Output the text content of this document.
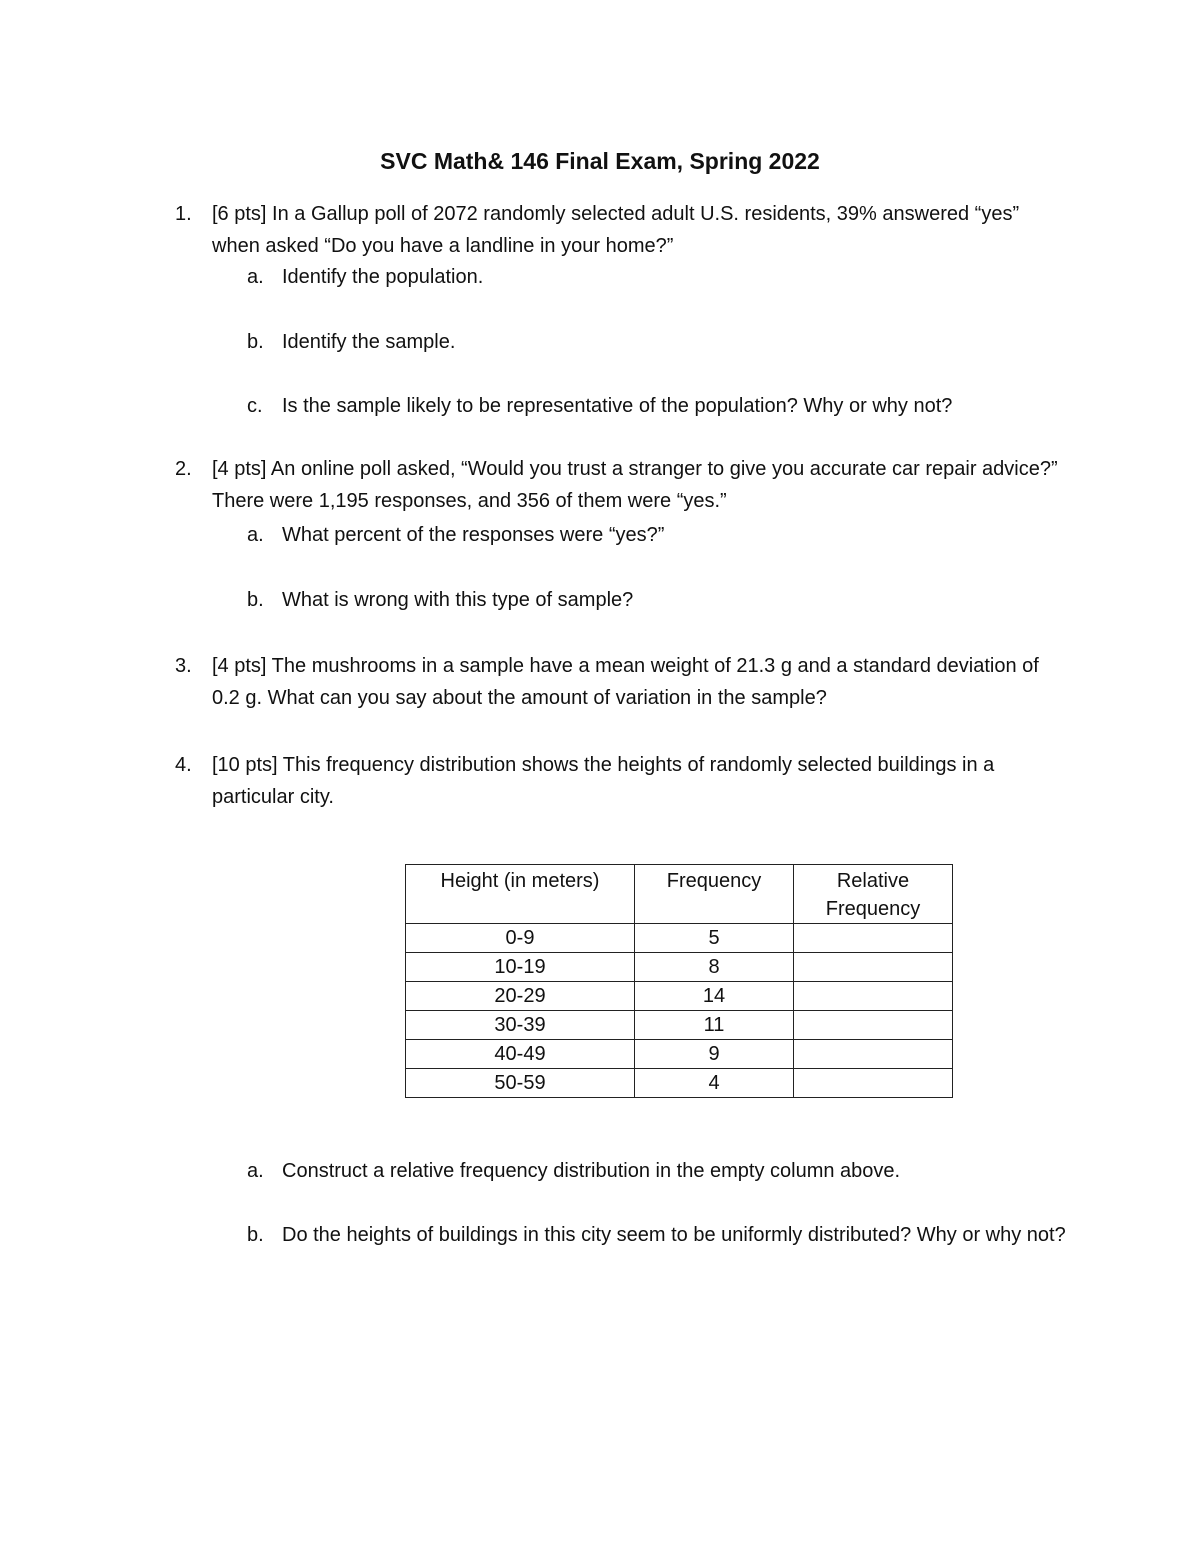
SVC Math& 146 Final Exam, Spring 2022
1. [6 pts] In a Gallup poll of 2072 randomly selected adult U.S. residents, 39% answered “yes” when asked “Do you have a landline in your home?”
a. Identify the population.
b. Identify the sample.
c. Is the sample likely to be representative of the population? Why or why not?
2. [4 pts] An online poll asked, “Would you trust a stranger to give you accurate car repair advice?” There were 1,195 responses, and 356 of them were “yes.”
a. What percent of the responses were “yes?”
b. What is wrong with this type of sample?
3. [4 pts] The mushrooms in a sample have a mean weight of 21.3 g and a standard deviation of 0.2 g. What can you say about the amount of variation in the sample?
4. [10 pts] This frequency distribution shows the heights of randomly selected buildings in a particular city.
Height (in meters)	Frequency	Relative Frequency
0-9	5	
10-19	8	
20-29	14	
30-39	11	
40-49	9	
50-59	4	
a. Construct a relative frequency distribution in the empty column above.
b. Do the heights of buildings in this city seem to be uniformly distributed? Why or why not?
